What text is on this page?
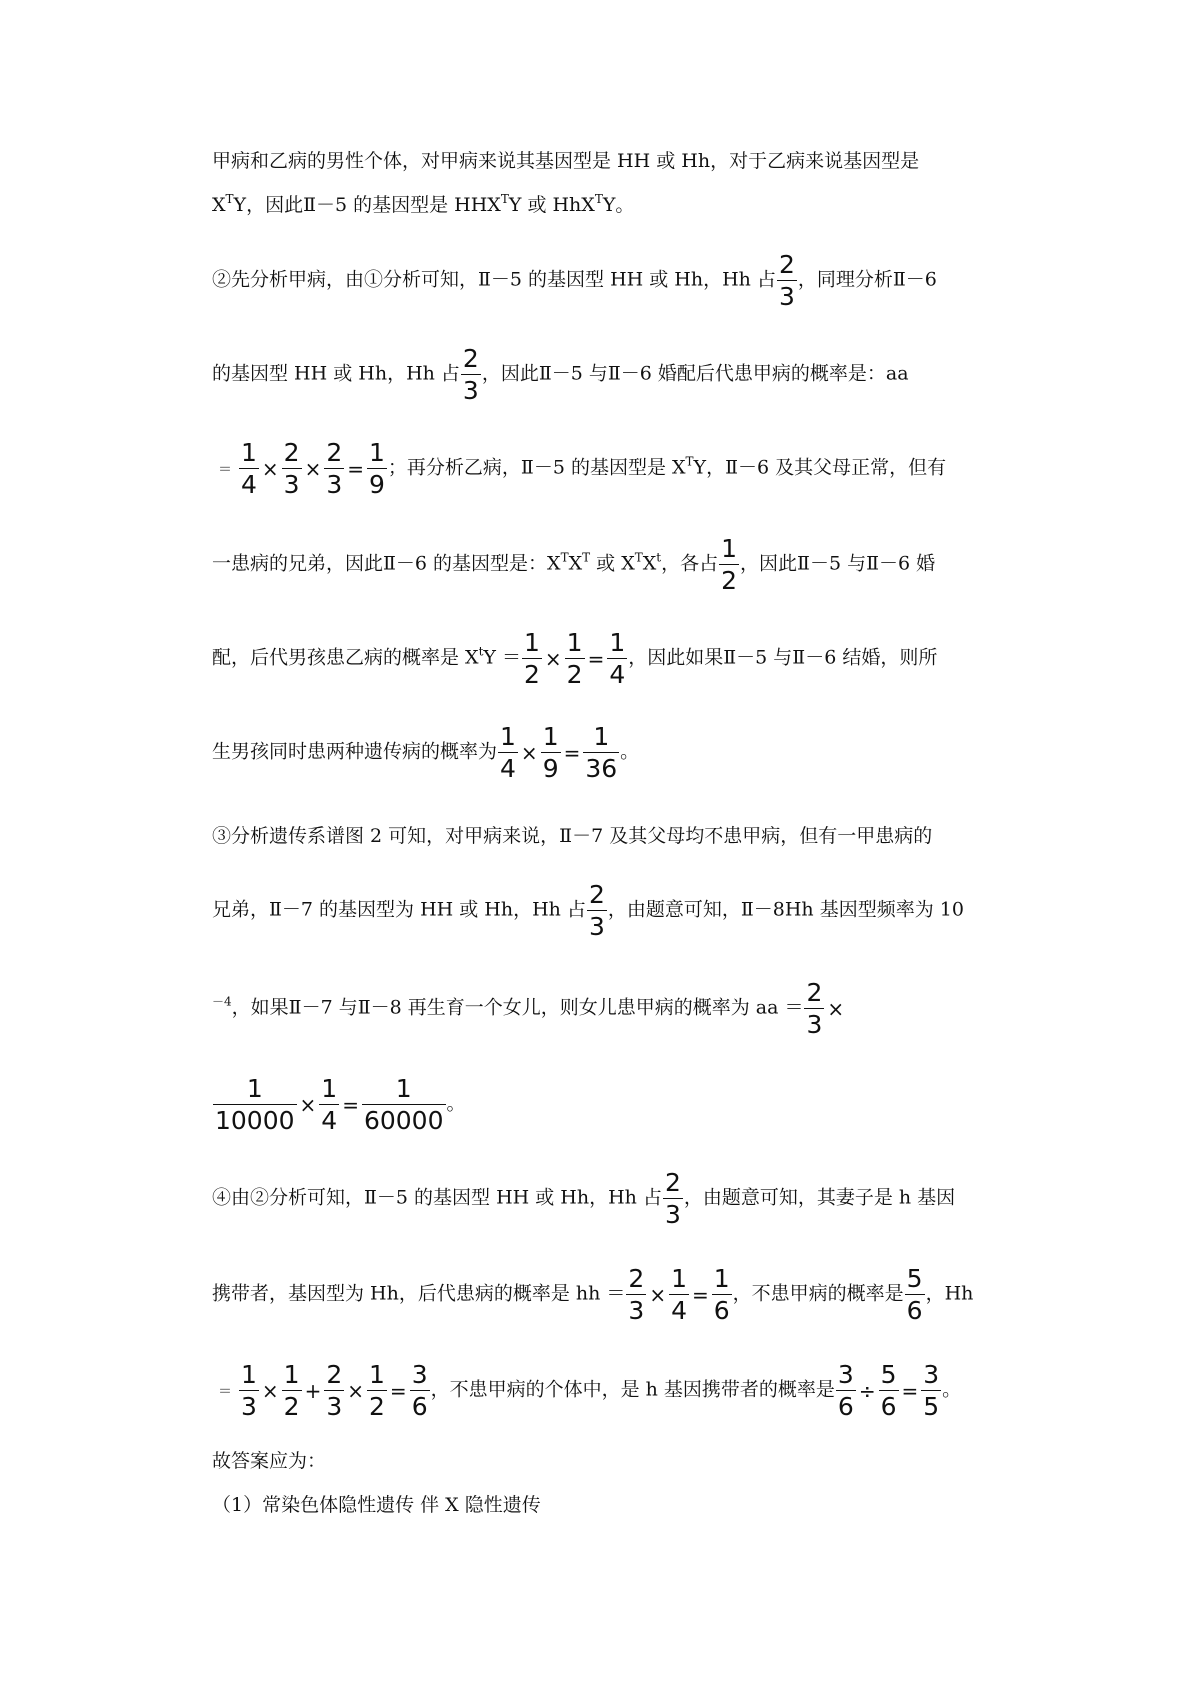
甲病和乙病的男性个体，对甲病来说其基因型是 HH 或 Hh，对于乙病来说基因型是
$X^TY$，因此Ⅱ－5 的基因型是 $HHX^TY$ 或 HhX$^T$Y。
②先分析甲病，由①分析可知，Ⅱ－5 的基因型 HH 或 Hh，Hh 占 $\frac{2}{3}$ ，同理分析Ⅱ－6
的基因型 HH 或 Hh，Hh 占 $\frac{2}{3}$ ，因此Ⅱ－5 与Ⅱ－6 婚配后代患甲病的概率是：aa
＝ $\frac{1}{4} \times \frac{2}{3} \times \frac{2}{3} = \frac{1}{9}$ ；再分析乙病，Ⅱ－5 的基因型是 $X^TY$，Ⅱ－6 及其父母正常，但有
一患病的兄弟，因此Ⅱ－6 的基因型是：$X^TX^T$ 或 $X^TX^t$，各占 $\frac{1}{2}$ ，因此Ⅱ－5 与Ⅱ－6 婚
配，后代男孩患乙病的概率是 $X^tY = \frac{1}{2} \times \frac{1}{2} = \frac{1}{4}$ ，因此如果Ⅱ－5 与Ⅱ－6 结婚，则所
生男孩同时患两种遗传病的概率为 $\frac{1}{4} \times \frac{1}{9} = \frac{1}{36}$ 。
③分析遗传系谱图 2 可知，对甲病来说，Ⅱ－7 及其父母均不患甲病，但有一甲患病的
兄弟，Ⅱ－7 的基因型为 HH 或 Hh，Hh 占 $\frac{2}{3}$ ，由题意可知，Ⅱ－8Hh 基因型频率为 10
$^{-4}$，如果Ⅱ－7 与Ⅱ－8 再生育一个女儿，则女儿患甲病的概率为 aa ＝ $\frac{2}{3}$ ×
$\frac{1}{10000} \times \frac{1}{4} = \frac{1}{60000}$ 。
④由②分析可知，Ⅱ－5 的基因型 HH 或 Hh，Hh 占 $\frac{2}{3}$ ，由题意可知，其妻子是 h 基因
携带者，基因型为 Hh，后代患病的概率是 hh ＝ $\frac{2}{3} \times \frac{1}{4} = \frac{1}{6}$ ，不患甲病的概率是 $\frac{5}{6}$ ，Hh
＝ $\frac{1}{3} \times \frac{1}{2} + \frac{2}{3} \times \frac{1}{2} = \frac{3}{6}$ ，不患甲病的个体中，是 h 基因携带者的概率是 $\frac{3}{6} \div \frac{5}{6} = \frac{3}{5}$ 。
故答案应为：
（1）常染色体隐性遗传 伴 X 隐性遗传
